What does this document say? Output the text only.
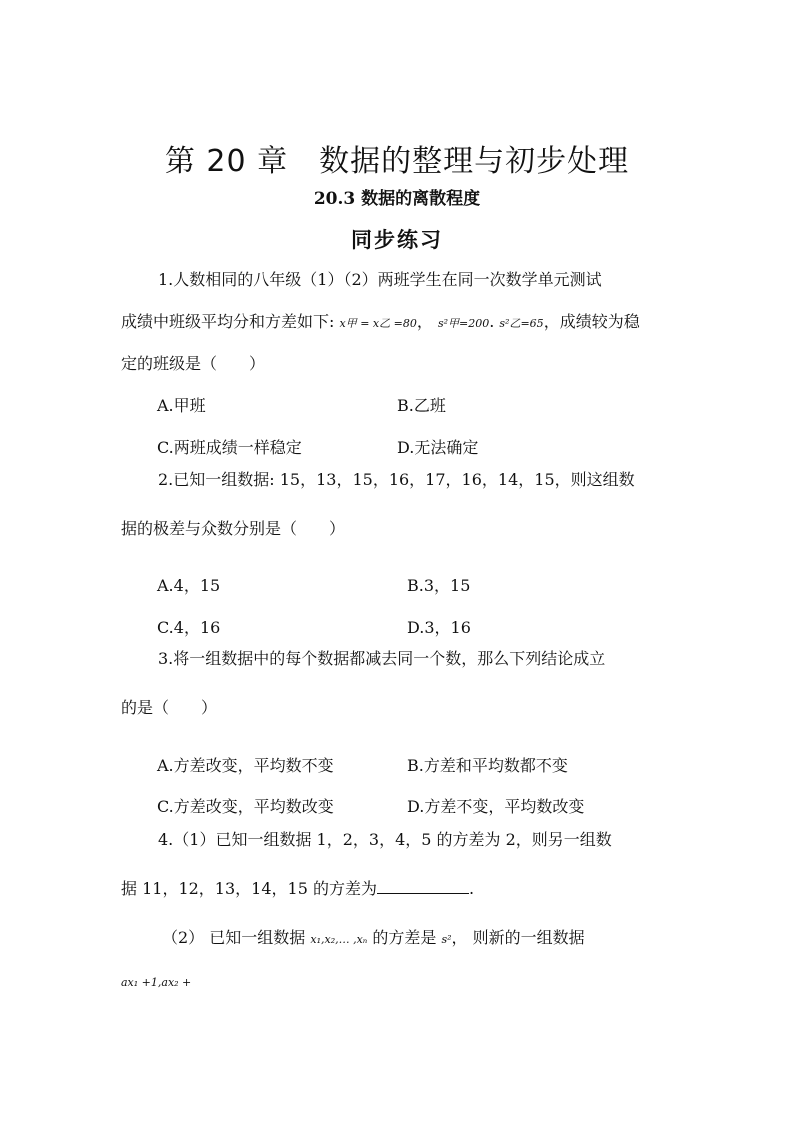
第 20 章　数据的整理与初步处理
20.3 数据的离散程度
同步练习
1.人数相同的八年级（1）（2）两班学生在同一次数学单元测试
成绩中班级平均分和方差如下: x甲 = x乙 =80， s²甲=200. s²乙=65，成绩较为稳
定的班级是（　　）
A.甲班	B.乙班
C.两班成绩一样稳定	D.无法确定
2.已知一组数据: 15，13，15，16，17，16，14，15，则这组数
据的极差与众数分别是（　　）
A.4，15	B.3，15
C.4，16	D.3，16
3.将一组数据中的每个数据都减去同一个数，那么下列结论成立
的是（　　）
A.方差改变，平均数不变	B.方差和平均数都不变
C.方差改变，平均数改变	D.方差不变，平均数改变
4.（1）已知一组数据 1，2，3，4，5 的方差为 2，则另一组数
据 11，12，13，14，15 的方差为	.
（2） 已知一组数据 x₁,x₂,… ,xₙ 的方差是 s²， 则新的一组数据
ax₁ +1,ax₂ +
